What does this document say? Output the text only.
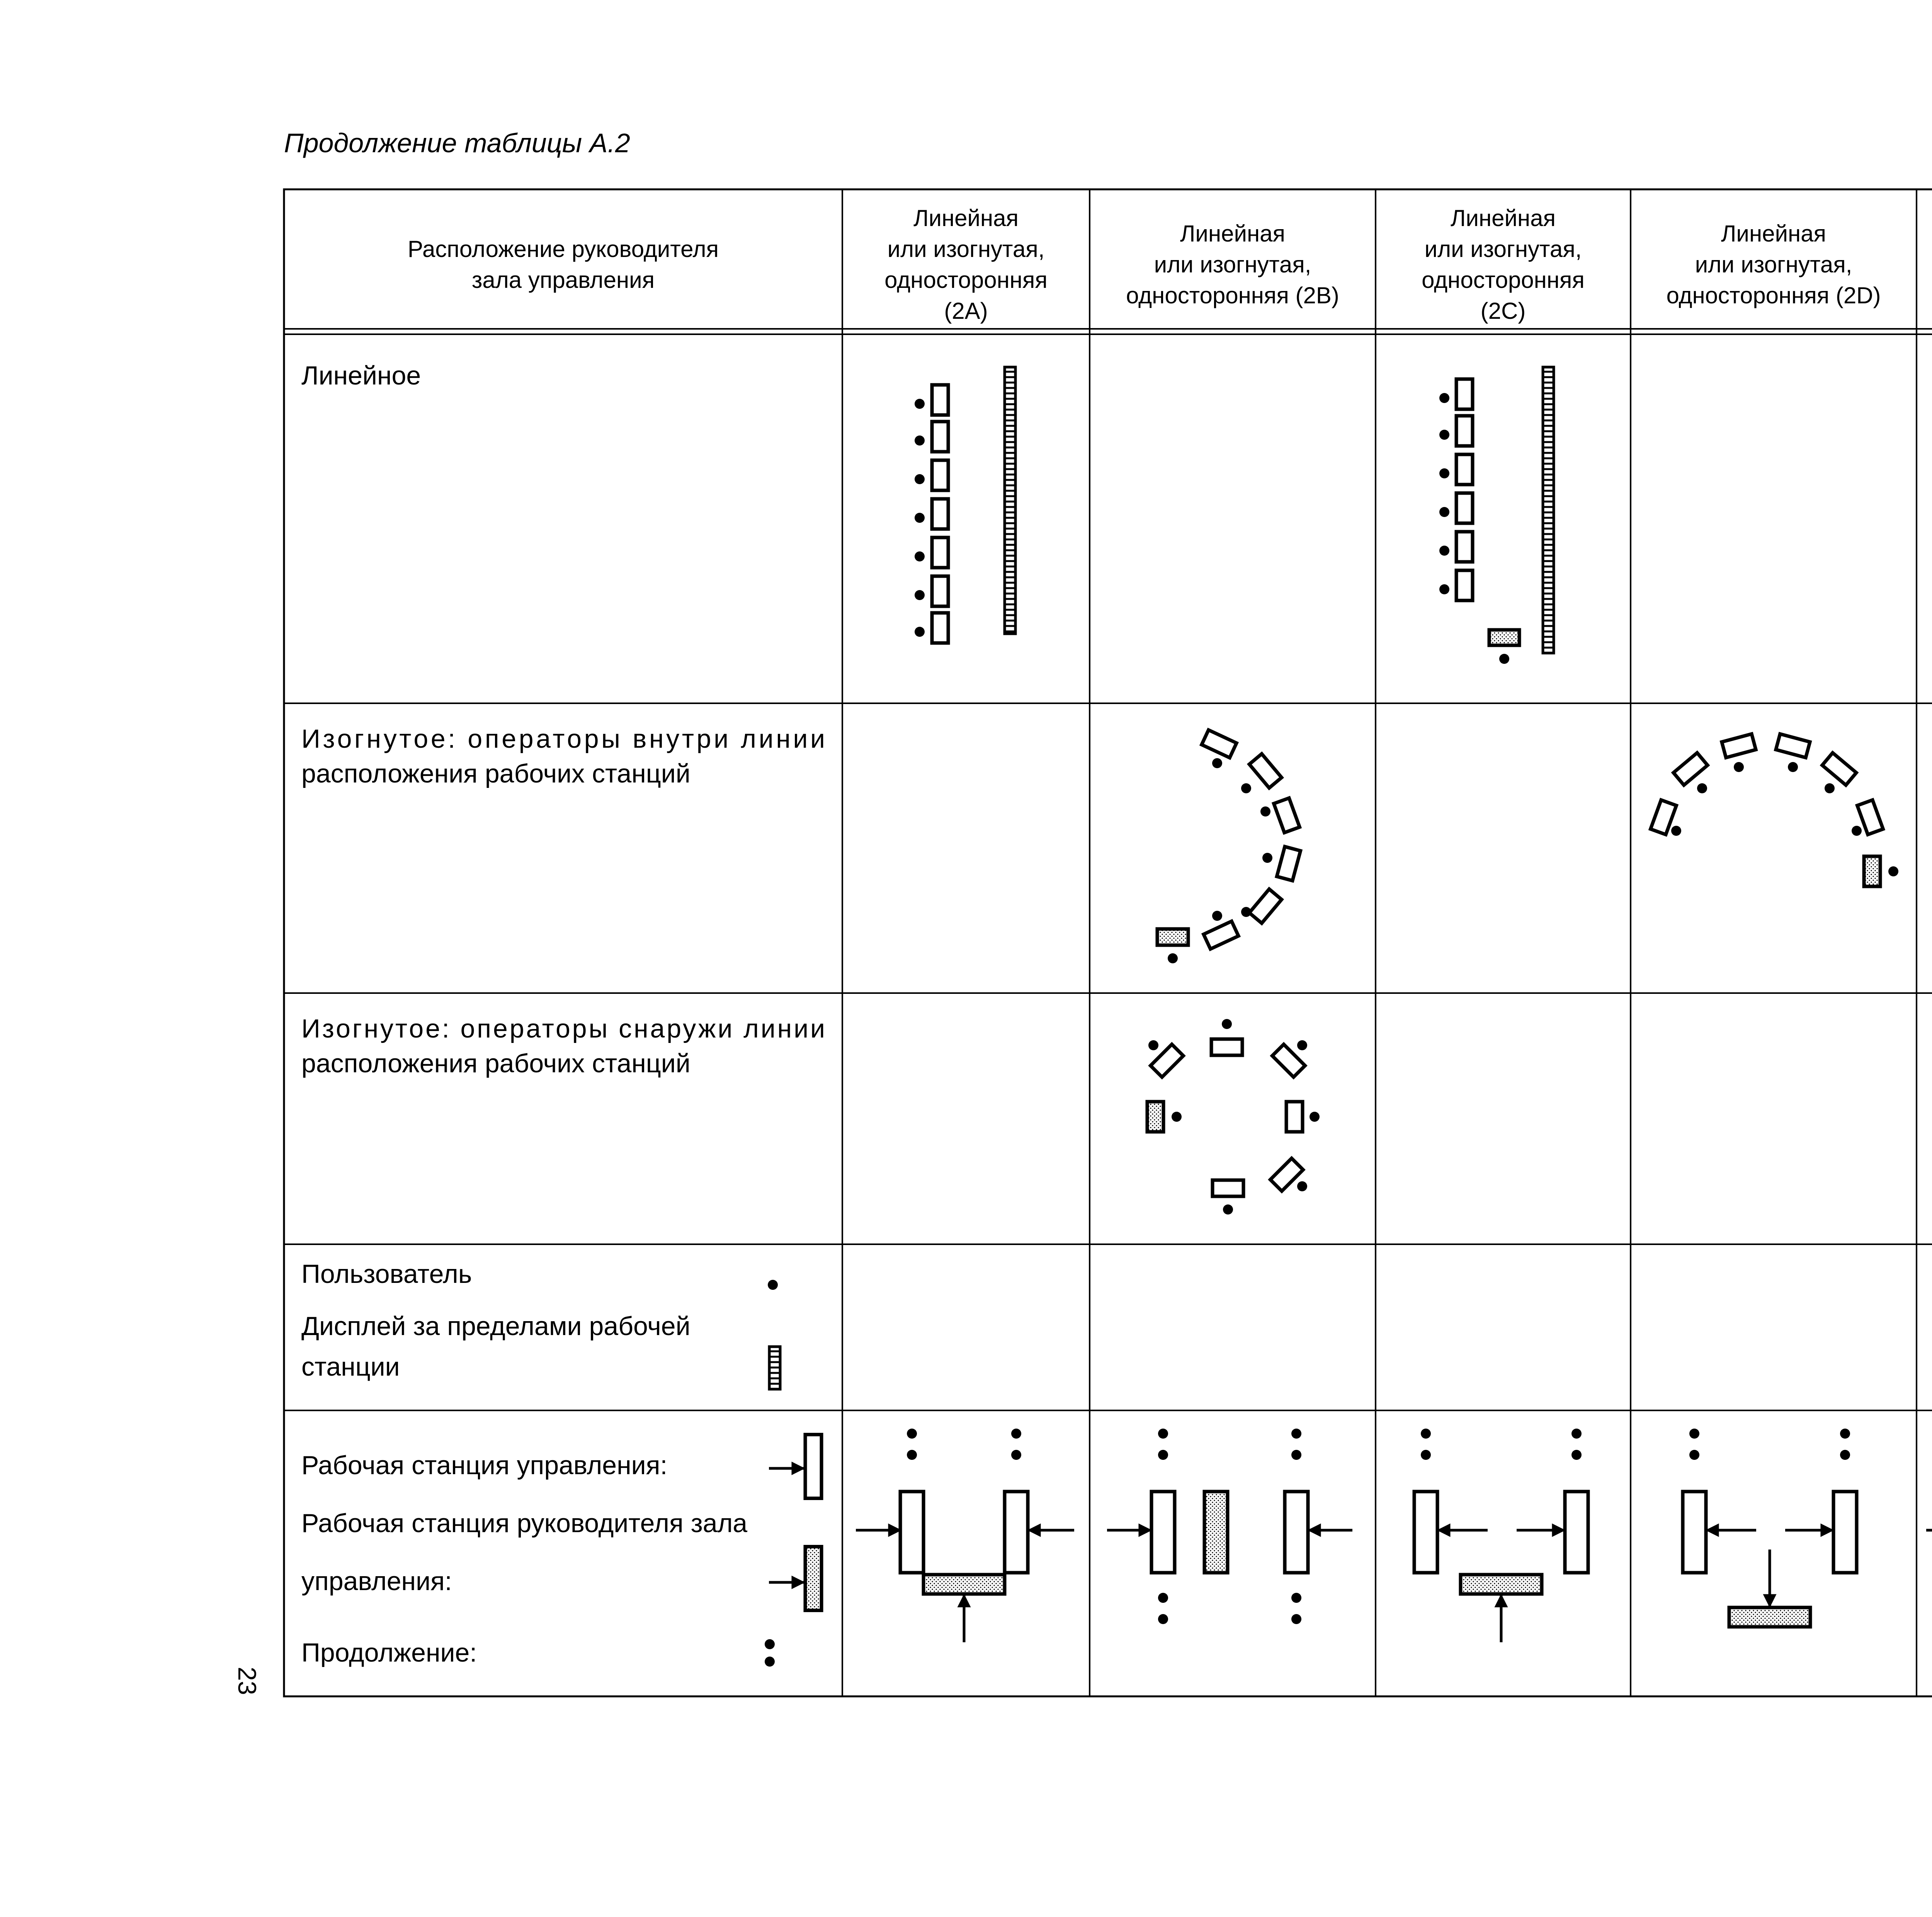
Продолжение таблицы А.2
Расположение руководителя
зала управления
Линейная
или изогнутая,
односторонняя
(2A)
Линейная
или изогнутая,
односторонняя (2B)
Линейная
или изогнутая,
односторонняя
(2C)
Линейная
или изогнутая,
односторонняя (2D)
Линейное
Изогнутое: операторы внутри линии
расположения рабочих станций
Изогнутое: операторы снаружи линии
расположения рабочих станций
Пользователь
Дисплей за пределами рабочей
станции
Рабочая станция управления:
Рабочая станция руководителя зала
управления:
Продолжение:
23
